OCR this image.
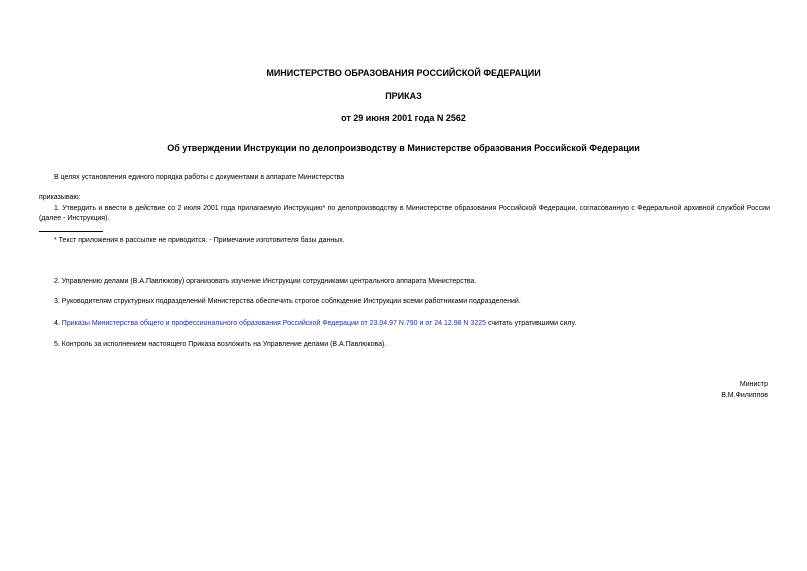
МИНИСТЕРСТВО ОБРАЗОВАНИЯ РОССИЙСКОЙ ФЕДЕРАЦИИ
ПРИКАЗ
от 29 июня 2001 года N 2562
Об утверждении Инструкции по делопроизводству в Министерстве образования Российской Федерации
В целях установления единого порядка работы с документами в аппарате Министерства
приказываю:
1. Утвердить и ввести в действие со 2 июля 2001 года прилагаемую Инструкцию* по делопроизводству в Министерстве образования Российской Федерации, согласованную с Федеральной архивной службой России (далее - Инструкция).
* Текст приложения в рассылке не приводится. - Примечание изготовителя базы данных.
2. Управлению делами (В.А.Павлюкову) организовать изучение Инструкции сотрудниками центрального аппарата Министерства.
3. Руководителям структурных подразделений Министерства обеспечить строгое соблюдение Инструкции всеми работниками подразделений.
4. Приказы Министерства общего и профессионального образования Российской Федерации от 23.04.97 N 790 и от 24.12.98 N 3225 считать утратившими силу.
5. Контроль за исполнением настоящего Приказа возложить на Управление делами (В.А.Павлюкова).
Министр
В.М.Филиппов
